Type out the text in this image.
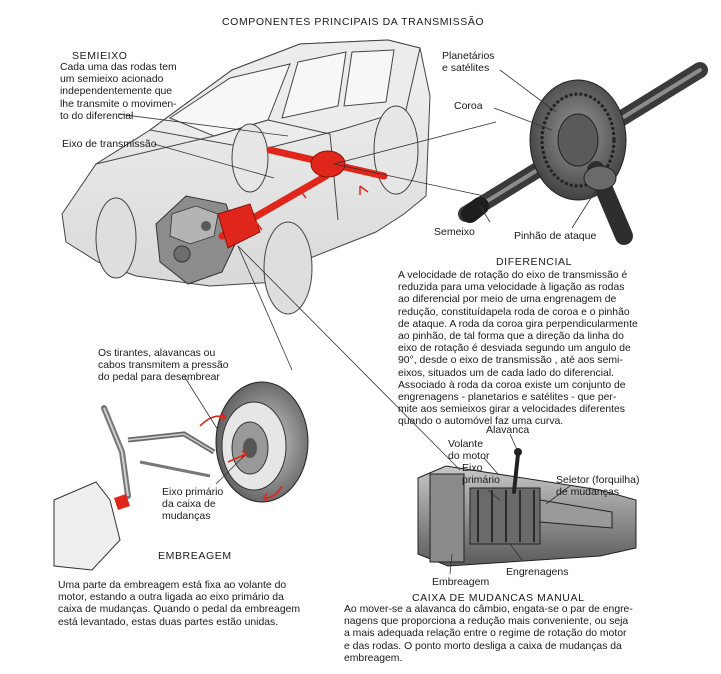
COMPONENTES PRINCIPAIS DA TRANSMISSÃO
SEMIEIXO
Cada uma das rodas tem
um semieixo acionado
independentemente que
lhe transmite o movimen-
to do diferencial
Eixo de transmissão
Planetários
e satélites
Coroa
Semeixo	Pinhão de ataque
DIFERENCIAL
A velocidade de rotação do eixo de transmissão é
reduzida para uma velocidade à ligação as rodas
ao diferencial por meio de uma engrenagem de
redução, constituídapela roda de coroa e o pinhão
de ataque. A roda da coroa gira perpendicularmente
ao pinhão, de tal forma que a direção da linha do
eixo de rotação é desviada segundo um angulo de
90°, desde o eixo de transmissão , até aos semi-
eixos, situados um de cada lado do diferencial.
Associado à roda da coroa existe um conjunto de
engrenagens - planetarios e satélites - que per-
mite aos semieixos girar a velocidades diferentes
quando o automóvel faz uma curva.
Os tirantes, alavancas ou
cabos transmitem a pressão
do pedal para desembrear
Eixo primário
da caixa de
mudanças
EMBREAGEM
Uma parte da embreagem está fixa ao volante do
motor, estando a outra ligada ao eixo primário da
caixa de mudanças. Quando o pedal da embreagem
está levantado, estas duas partes estão unidas.
Alavanca
Volante
do motor
Eixo
primário	Seletor (forquilha)
de mudanças
Engrenagens
Embreagem
CAIXA DE MUDANCAS MANUAL
Ao mover-se a alavanca do câmbio, engata-se o par de engre-
nagens que proporciona a redução mais conveniente, ou seja
a mais adequada relação entre o regime de rotação do motor
e das rodas. O ponto morto desliga a caixa de mudanças da
embreagem.
